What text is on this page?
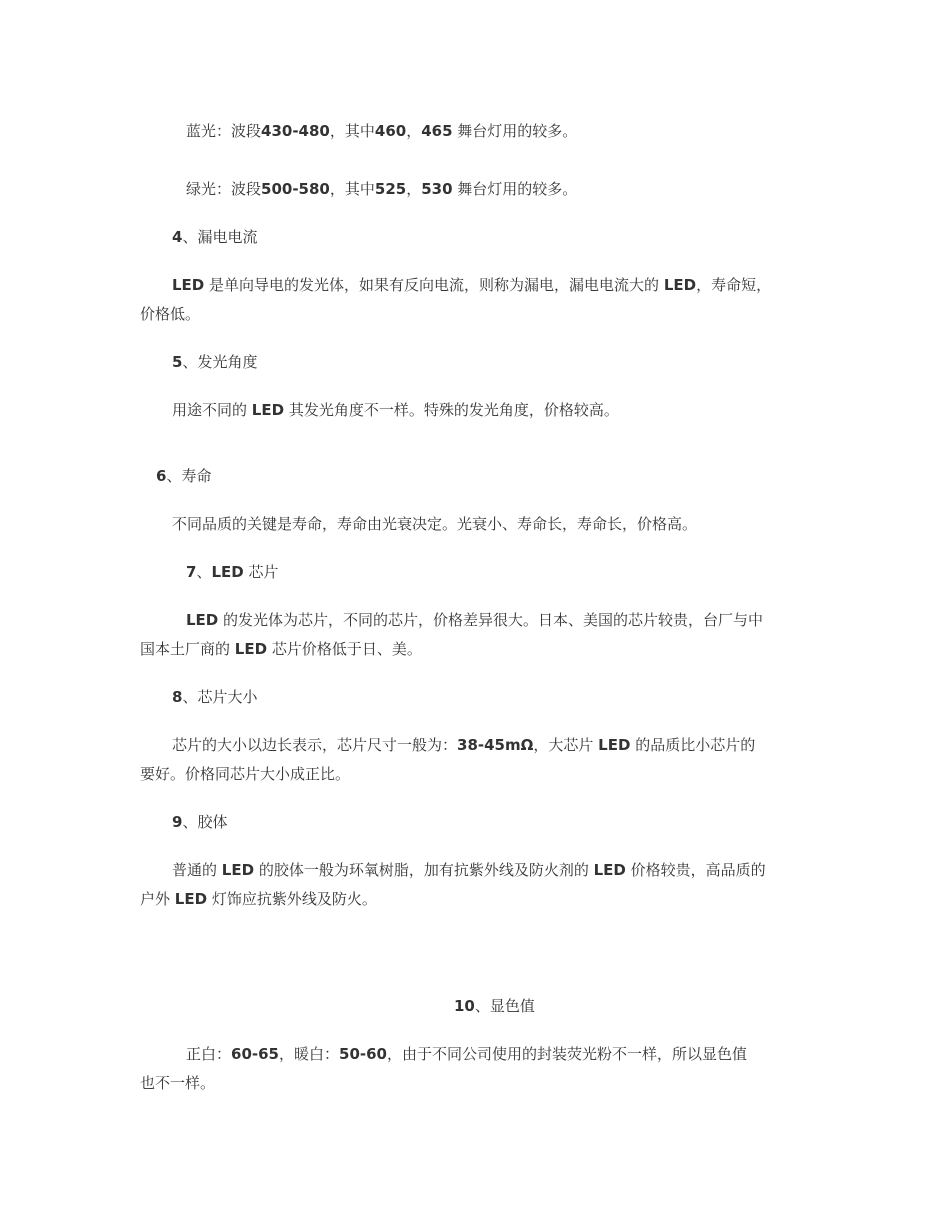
蓝光：波段430-480，其中460，465 舞台灯用的较多。
绿光：波段500-580，其中525，530 舞台灯用的较多。
4、漏电电流
LED 是单向导电的发光体，如果有反向电流，则称为漏电，漏电电流大的 LED，寿命短，
价格低。
5、发光角度
用途不同的 LED 其发光角度不一样。特殊的发光角度，价格较高。
6、寿命
不同品质的关键是寿命，寿命由光衰决定。光衰小、寿命长，寿命长，价格高。
7、LED 芯片
LED 的发光体为芯片，不同的芯片，价格差异很大。日本、美国的芯片较贵，台厂与中
国本土厂商的 LED 芯片价格低于日、美。
8、芯片大小
芯片的大小以边长表示，芯片尺寸一般为：38-45mΩ，大芯片 LED 的品质比小芯片的
要好。价格同芯片大小成正比。
9、胶体
普通的 LED 的胶体一般为环氧树脂，加有抗紫外线及防火剂的 LED 价格较贵，高品质的
户外 LED 灯饰应抗紫外线及防火。
10、显色值
正白：60-65，暖白：50-60，由于不同公司使用的封装荧光粉不一样，所以显色值
也不一样。
